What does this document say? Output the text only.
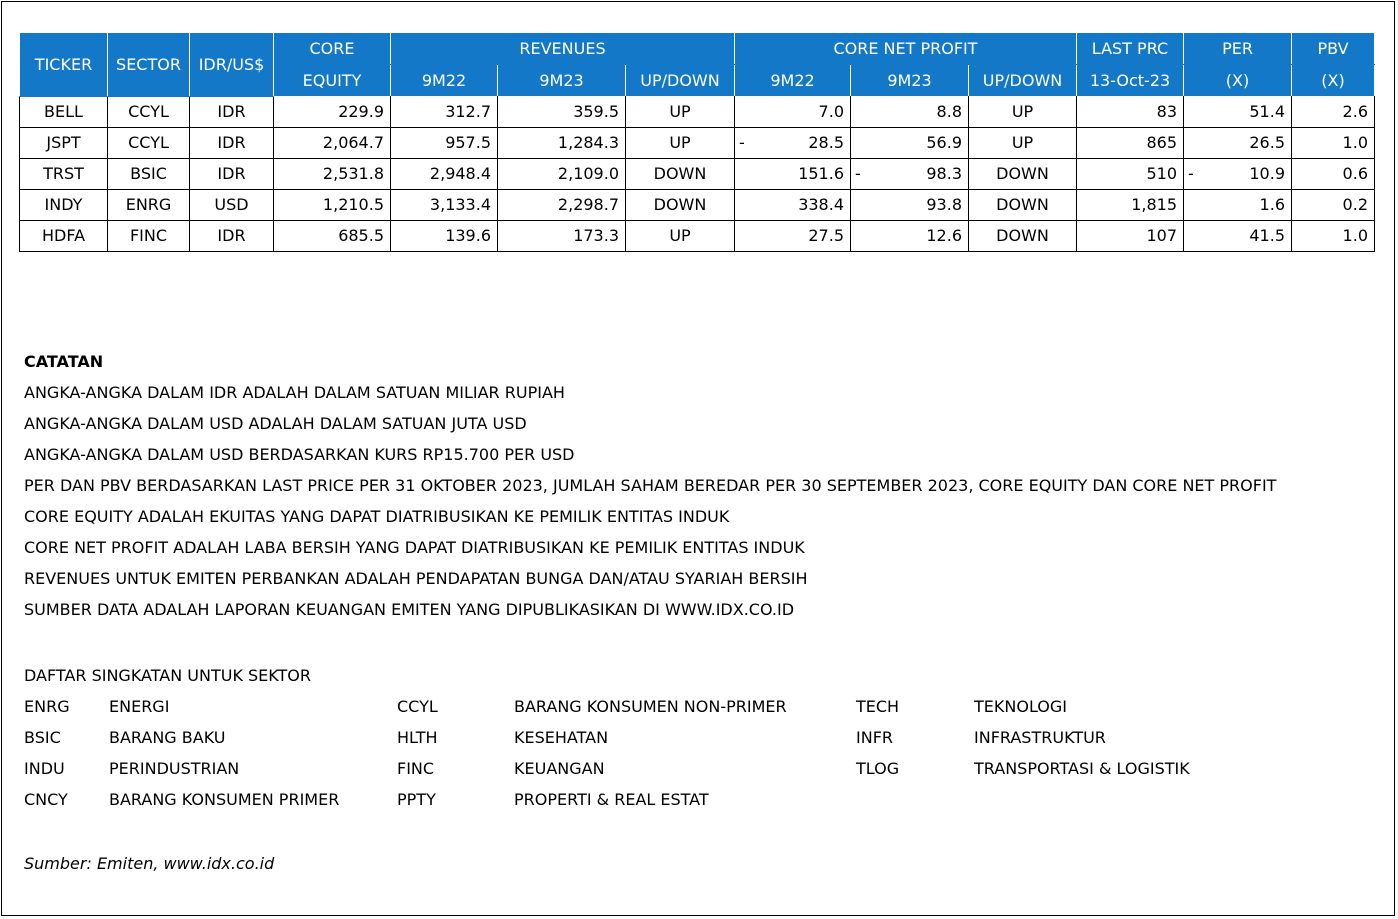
TICKER	SECTOR	IDR/US$	CORE	REVENUES			CORE NET PROFIT			LAST PRC	PER	PBV
			EQUITY	9M22	9M23	UP/DOWN	9M22	9M23	UP/DOWN	13-Oct-23	(X)	(X)
BELL	CCYL	IDR	229.9	312.7	359.5	UP	7.0	8.8	UP	83	51.4	2.6
JSPT	CCYL	IDR	2,064.7	957.5	1,284.3	UP	- 28.5	56.9	UP	865	26.5	1.0
TRST	BSIC	IDR	2,531.8	2,948.4	2,109.0	DOWN	151.6	- 98.3	DOWN	510	- 10.9	0.6
INDY	ENRG	USD	1,210.5	3,133.4	2,298.7	DOWN	338.4	93.8	DOWN	1,815	1.6	0.2
HDFA	FINC	IDR	685.5	139.6	173.3	UP	27.5	12.6	DOWN	107	41.5	1.0
CATATAN
ANGKA-ANGKA DALAM IDR ADALAH DALAM SATUAN MILIAR RUPIAH
ANGKA-ANGKA DALAM USD ADALAH DALAM SATUAN JUTA USD
ANGKA-ANGKA DALAM USD BERDASARKAN KURS RP15.700 PER USD
PER DAN PBV BERDASARKAN LAST PRICE PER 31 OKTOBER 2023, JUMLAH SAHAM BEREDAR PER 30 SEPTEMBER 2023, CORE EQUITY DAN CORE NET PROFIT
CORE EQUITY ADALAH EKUITAS YANG DAPAT DIATRIBUSIKAN KE PEMILIK ENTITAS INDUK
CORE NET PROFIT ADALAH LABA BERSIH YANG DAPAT DIATRIBUSIKAN KE PEMILIK ENTITAS INDUK
REVENUES UNTUK EMITEN PERBANKAN ADALAH PENDAPATAN BUNGA DAN/ATAU SYARIAH BERSIH
SUMBER DATA ADALAH LAPORAN KEUANGAN EMITEN YANG DIPUBLIKASIKAN DI WWW.IDX.CO.ID
DAFTAR SINGKATAN UNTUK SEKTOR
ENRG ENERGI	CCYL	BARANG KONSUMEN NON-PRIMER	TECH	TEKNOLOGI
BSIC	BARANG BAKU	HLTH	KESEHATAN	INFR	INFRASTRUKTUR
INDU	PERINDUSTRIAN	FINC	KEUANGAN	TLOG	TRANSPORTASI & LOGISTIK
CNCY	BARANG KONSUMEN PRIMER	PPTY	PROPERTI & REAL ESTAT
Sumber: Emiten, www.idx.co.id
